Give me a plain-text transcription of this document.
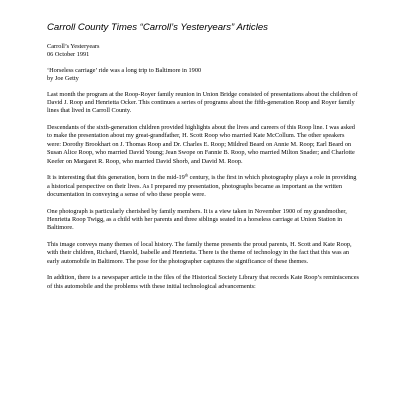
Carroll County Times “Carroll’s Yesteryears” Articles
Carroll’s Yesteryears
06 October 1991
‘Horseless carriage’ ride was a long trip to Baltimore in 1900
by Joe Getty

Last month the program at the Roop-Royer family reunion in Union Bridge consisted of presentations about the children of David J. Roop and Henrietta Ocker. This continues a series of programs about the fifth-generation Roop and Royer family lines that lived in Carroll County.

Descendants of the sixth-generation children provided highlights about the lives and careers of this Roop line. I was asked to make the presentation about my great-grandfather, H. Scott Roop who married Kate McCollum. The other speakers were: Dorothy Brookhart on J. Thomas Roop and Dr. Charles E. Roop; Mildred Beard on Annie M. Roop; Earl Beard on Susan Alice Roop, who married David Young; Jean Swope on Fannie B. Roop, who married Milton Snader; and Charlotte Keefer on Margaret R. Roop, who married David Shorb, and David M. Roop.

It is interesting that this generation, born in the mid-19th century, is the first in which photography plays a role in providing a historical perspective on their lives. As I prepared my presentation, photographs became as important as the written documentation in conveying a sense of who these people were.

One photograph is particularly cherished by family members. It is a view taken in November 1900 of my grandmother, Henrietta Roop Twigg, as a child with her parents and three siblings seated in a horseless carriage at Union Station in Baltimore.

This image conveys many themes of local history. The family theme presents the proud parents, H. Scott and Kate Roop, with their children, Richard, Harold, Isabelle and Henrietta. There is the theme of technology in the fact that this was an early automobile in Baltimore. The pose for the photographer captures the significance of these themes.

In addition, there is a newspaper article in the files of the Historical Society Library that records Kate Roop’s reminiscences of this automobile and the problems with these initial technological advancements:
